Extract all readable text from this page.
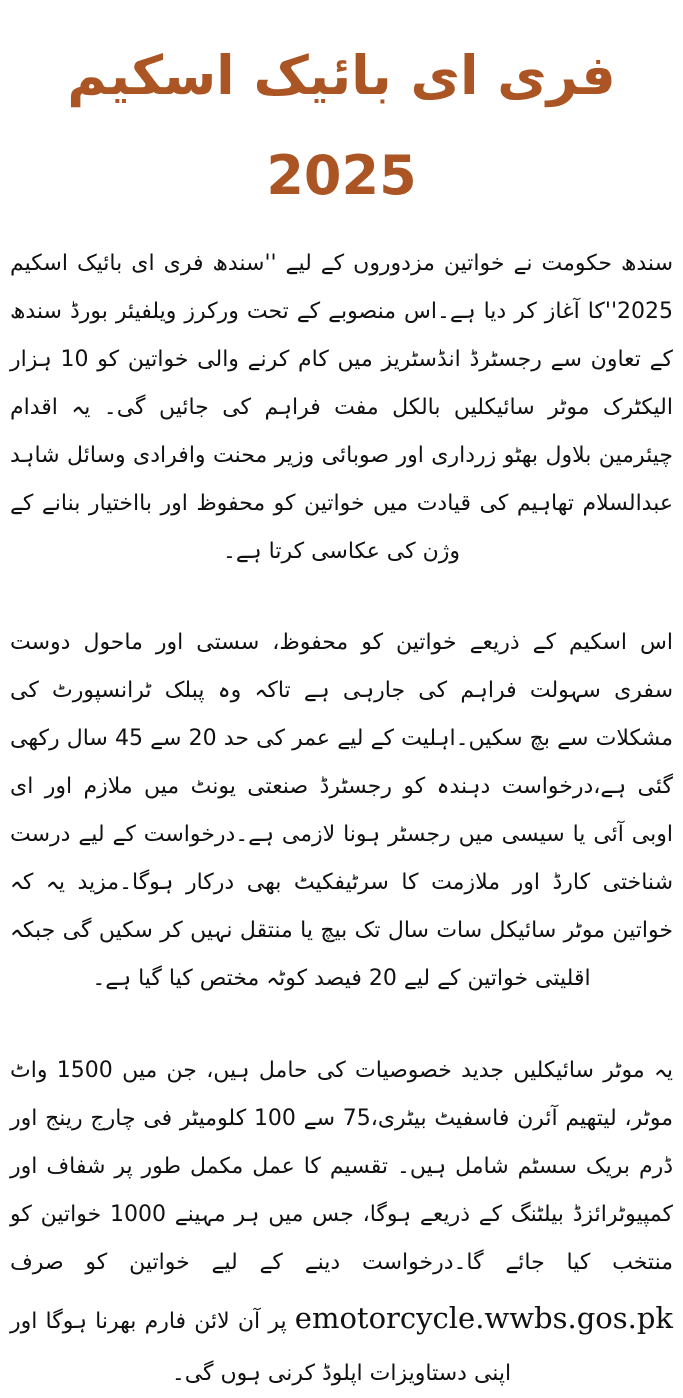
فری ای بائیک اسکیم 2025

سندھ حکومت نے خواتین مزدوروں کے لیے ''سندھ فری ای بائیک اسکیم 2025''کا آغاز کر دیا ہے۔اس منصوبے کے تحت ورکرز ویلفیئر بورڈ سندھ کے تعاون سے رجسٹرڈ انڈسٹریز میں کام کرنے والی خواتین کو 10 ہزار الیکٹرک موٹر سائیکلیں بالکل مفت فراہم کی جائیں گی۔ یہ اقدام چیئرمین بلاول بھٹو زرداری اور صوبائی وزیر محنت وافرادی وسائل شاہد عبدالسلام تھاہیم کی قیادت میں خواتین کو محفوظ اور بااختیار بنانے کے وژن کی عکاسی کرتا ہے۔

اس اسکیم کے ذریعے خواتین کو محفوظ، سستی اور ماحول دوست سفری سہولت فراہم کی جارہی ہے تاکہ وہ پبلک ٹرانسپورٹ کی مشکلات سے بچ سکیں۔اہلیت کے لیے عمر کی حد 20 سے 45 سال رکھی گئی ہے،درخواست دہندہ کو رجسٹرڈ صنعتی یونٹ میں ملازم اور ای اوبی آئی یا سیسی میں رجسٹر ہونا لازمی ہے۔درخواست کے لیے درست شناختی کارڈ اور ملازمت کا سرٹیفکیٹ بھی درکار ہوگا۔مزید یہ کہ خواتین موٹر سائیکل سات سال تک بیچ یا منتقل نہیں کر سکیں گی جبکہ اقلیتی خواتین کے لیے 20 فیصد کوٹہ مختص کیا گیا ہے۔

یہ موٹر سائیکلیں جدید خصوصیات کی حامل ہیں، جن میں 1500 واٹ موٹر، لیتھیم آئرن فاسفیٹ بیٹری،75 سے 100 کلومیٹر فی چارج رینج اور ڈرم بریک سسٹم شامل ہیں۔ تقسیم کا عمل مکمل طور پر شفاف اور کمپیوٹرائزڈ بیلٹنگ کے ذریعے ہوگا، جس میں ہر مہینے 1000 خواتین کو منتخب کیا جائے گا۔درخواست دینے کے لیے خواتین کو صرف emotorcycle.wwbs.gos.pk پر آن لائن فارم بھرنا ہوگا اور اپنی دستاویزات اپلوڈ کرنی ہوں گی۔
